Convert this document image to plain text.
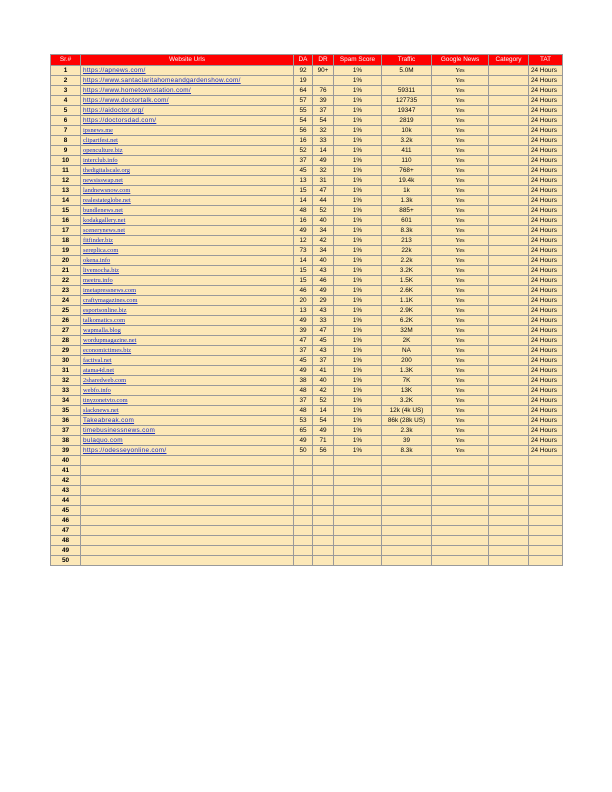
Sr.#	Website Urls	DA	DR	Spam Score	Traffic	Google News	Category	TAT
1	https://apnews.com/	92	90+	1%	5.0M	Yes		24 Hours
2	https://www.santaclaritahomeandgardenshow.com/	19		1%		Yes		24 Hours
3	https://www.hometownstation.com/	64	76	1%	59311	Yes		24 Hours
4	https://www.doctortalk.com/	57	39	1%	127735	Yes		24 Hours
5	https://aidoctor.org/	55	37	1%	19347	Yes		24 Hours
6	https://doctorsdad.com/	54	54	1%	2819	Yes		24 Hours
7	ipsnews.me	56	32	1%	10k	Yes		24 Hours
8	clipartfest.net	16	33	1%	3.2k	Yes		24 Hours
9	openculture.biz	52	14	1%	411	Yes		24 Hours
10	interclub.info	37	49	1%	110	Yes		24 Hours
11	thedigitalscale.org	45	32	1%	768+	Yes		24 Hours
12	newsisswap.net	13	31	1%	19.4k	Yes		24 Hours
13	landnewsnow.com	15	47	1%	1k	Yes		24 Hours
14	realestateglobe.net	14	44	1%	1.3k	Yes		24 Hours
15	bundlenews.net	48	52	1%	885+	Yes		24 Hours
16	kodakgallery.net	16	40	1%	601	Yes		24 Hours
17	scenerynews.net	49	34	1%	8.3k	Yes		24 Hours
18	fitfinder.biz	12	42	1%	213	Yes		24 Hours
19	sereplica.com	73	34	1%	22k	Yes		24 Hours
20	okena.info	14	40	1%	2.2k	Yes		24 Hours
21	livemocha.biz	15	43	1%	3.2K	Yes		24 Hours
22	meetru.info	15	46	1%	1.5K	Yes		24 Hours
23	imetapressnews.com	46	49	1%	2.6K	Yes		24 Hours
24	craftymagazines.com	20	29	1%	1.1K	Yes		24 Hours
25	esportsonline.biz	13	43	1%	2.9K	Yes		24 Hours
26	talkomatics.com	49	33	1%	6.2K	Yes		24 Hours
27	wapmalla.blog	39	47	1%	32M	Yes		24 Hours
28	wordupmagazine.net	47	45	1%	2K	Yes		24 Hours
29	economictimes.biz	37	43	1%	NA	Yes		24 Hours
30	factival.net	45	37	1%	200	Yes		24 Hours
31	atama4d.net	49	41	1%	1.3K	Yes		24 Hours
32	2sharedweb.com	38	40	1%	7K	Yes		24 Hours
33	webfo.info	48	42	1%	13K	Yes		24 Hours
34	tinyzonetvto.com	37	52	1%	3.2K	Yes		24 Hours
35	slacknews.net	48	14	1%	12k (4k US)	Yes		24 Hours
36	Takeabreak.com	53	54	1%	86k (28k US)	Yes		24 Hours
37	timebusinessnews.com	65	49	1%	2.3k	Yes		24 Hours
38	bulaquo.com	49	71	1%	39	Yes		24 Hours
39	https://odesseyonline.com/	50	56	1%	8.3k	Yes		24 Hours
40								
41								
42								
43								
44								
45								
46								
47								
48								
49								
50								
